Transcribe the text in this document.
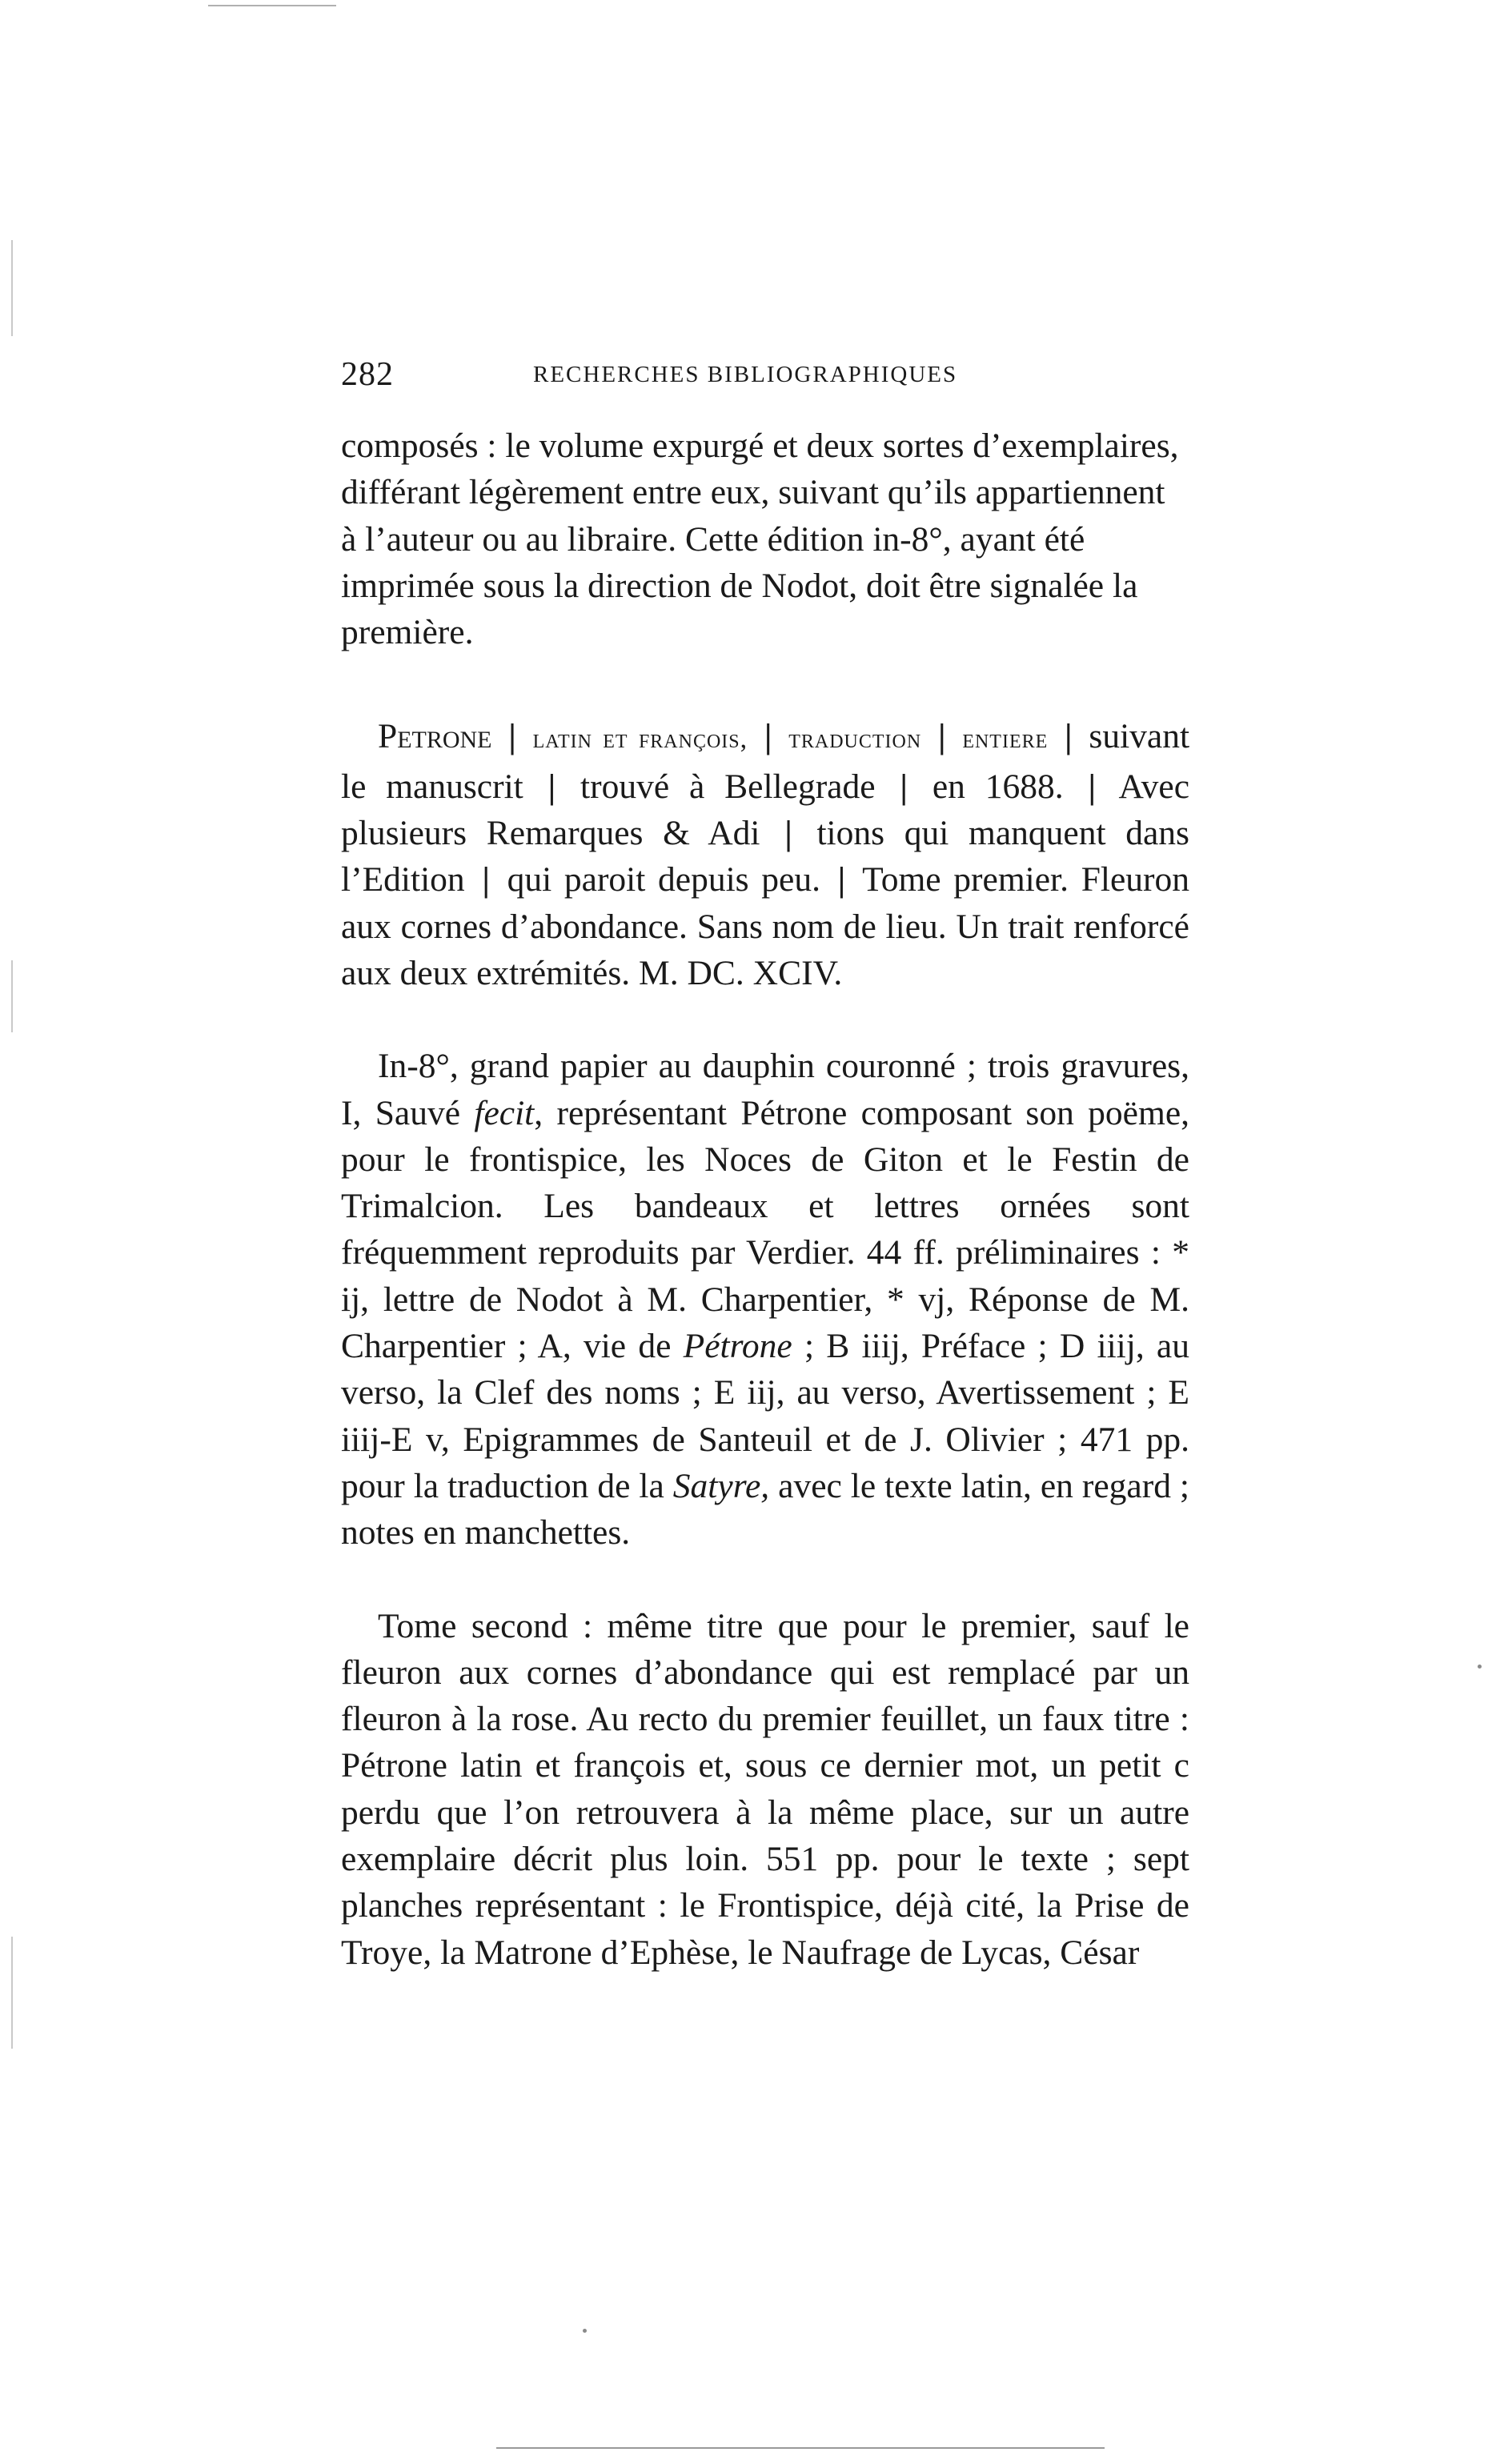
282	RECHERCHES BIBLIOGRAPHIQUES

composés : le volume expurgé et deux sortes d’exemplaires,
différant légèrement entre eux, suivant qu’ils appartiennent
à l’auteur ou au libraire. Cette édition in-8°, ayant été
imprimée sous la direction de Nodot, doit être signalée la
première.

Petrone | latin et françois, | traduction | entiere | suivant le manuscrit | trouvé à Bellegrade | en 1688. | Avec plusieurs Remarques & Adi | tions qui manquent dans l’Edition | qui paroit depuis peu. | Tome premier. Fleuron aux cornes d’abondance. Sans nom de lieu. Un trait renforcé aux deux extrémités. M. DC. XCIV.

In-8°, grand papier au dauphin couronné ; trois gravures, I, Sauvé fecit, représentant Pétrone composant son poëme, pour le frontispice, les Noces de Giton et le Festin de Trimalcion. Les bandeaux et lettres ornées sont fréquemment reproduits par Verdier. 44 ff. préliminaires : * ij, lettre de Nodot à M. Charpentier, * vj, Réponse de M. Charpentier ; A, vie de Pétrone ; B iiij, Préface ; D iiij, au verso, la Clef des noms ; E iij, au verso, Avertissement ; E iiij-E v, Epigrammes de Santeuil et de J. Olivier ; 471 pp. pour la traduction de la Satyre, avec le texte latin, en regard ; notes en manchettes.

Tome second : même titre que pour le premier, sauf le fleuron aux cornes d’abondance qui est remplacé par un fleuron à la rose. Au recto du premier feuillet, un faux titre : Pétrone latin et françois et, sous ce dernier mot, un petit c perdu que l’on retrouvera à la même place, sur un autre exemplaire décrit plus loin. 551 pp. pour le texte ; sept planches représentant : le Frontispice, déjà cité, la Prise de Troye, la Matrone d’Ephèse, le Naufrage de Lycas, César
